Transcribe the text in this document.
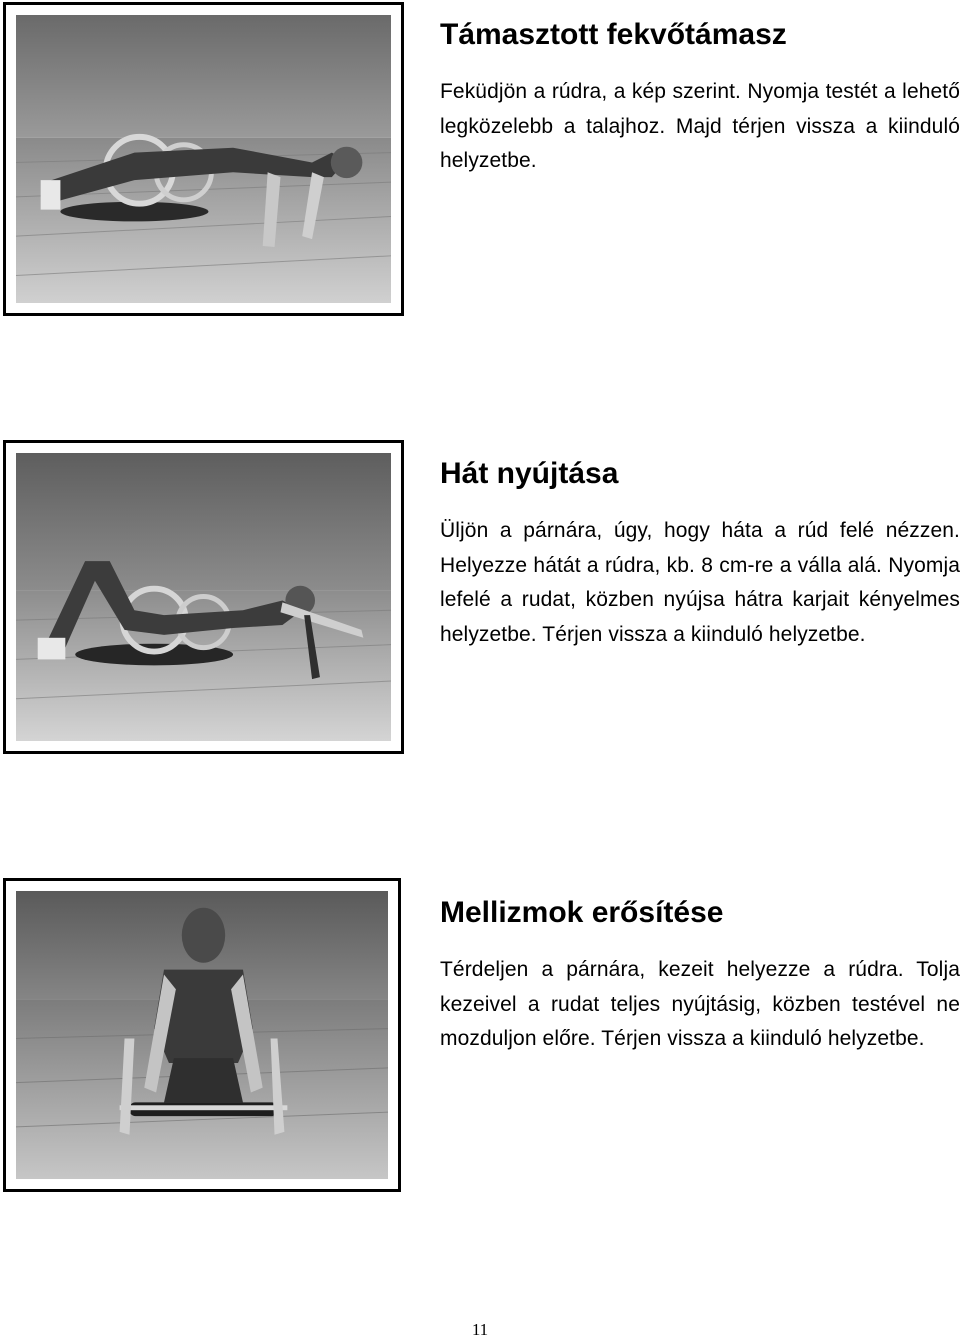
Támasztott fekvőtámasz

Feküdjön a rúdra, a kép szerint. Nyomja testét a lehető legközelebb a talajhoz. Majd térjen vissza a kiinduló helyzetbe.

Hát nyújtása

Üljön a párnára, úgy, hogy háta a rúd felé nézzen. Helyezze hátát a rúdra, kb. 8 cm-re a válla alá. Nyomja lefelé a rudat, közben nyújsa hátra karjait kényelmes helyzetbe. Térjen vissza a kiinduló helyzetbe.

Mellizmok erősítése

Térdeljen a párnára, kezeit helyezze a rúdra. Tolja kezeivel a rudat teljes nyújtásig, közben testével ne mozduljon előre. Térjen vissza a kiinduló helyzetbe.

11
